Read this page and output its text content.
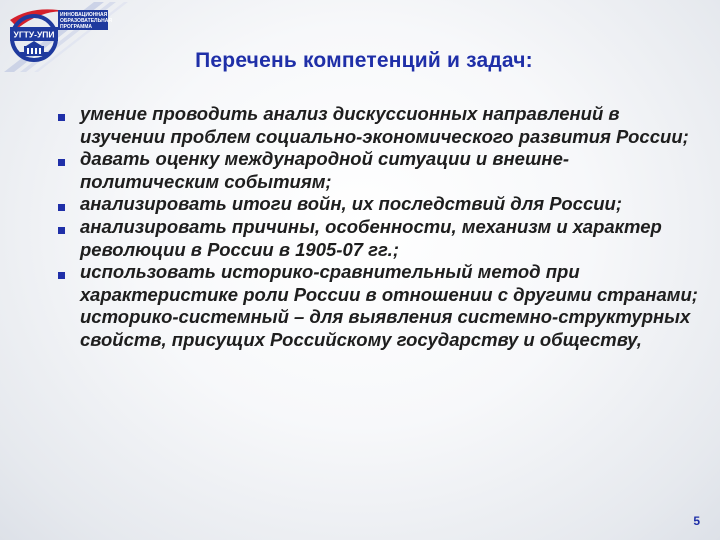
УГТУ-УПИ
ИННОВАЦИОННАЯ
ОБРАЗОВАТЕЛЬНАЯ
ПРОГРАММА
Перечень компетенций и задач:
умение проводить анализ дискуссионных направлений в изучении проблем социально-экономического развития России;
давать оценку международной ситуации и внешне-политическим событиям;
анализировать итоги войн, их последствий для России;
анализировать причины, особенности, механизм и характер революции в России в 1905-07 гг.;
использовать историко-сравнительный метод при характеристике роли России в отношении с другими странами; историко-системный – для выявления системно-структурных свойств, присущих Российскому государству и обществу,
5
